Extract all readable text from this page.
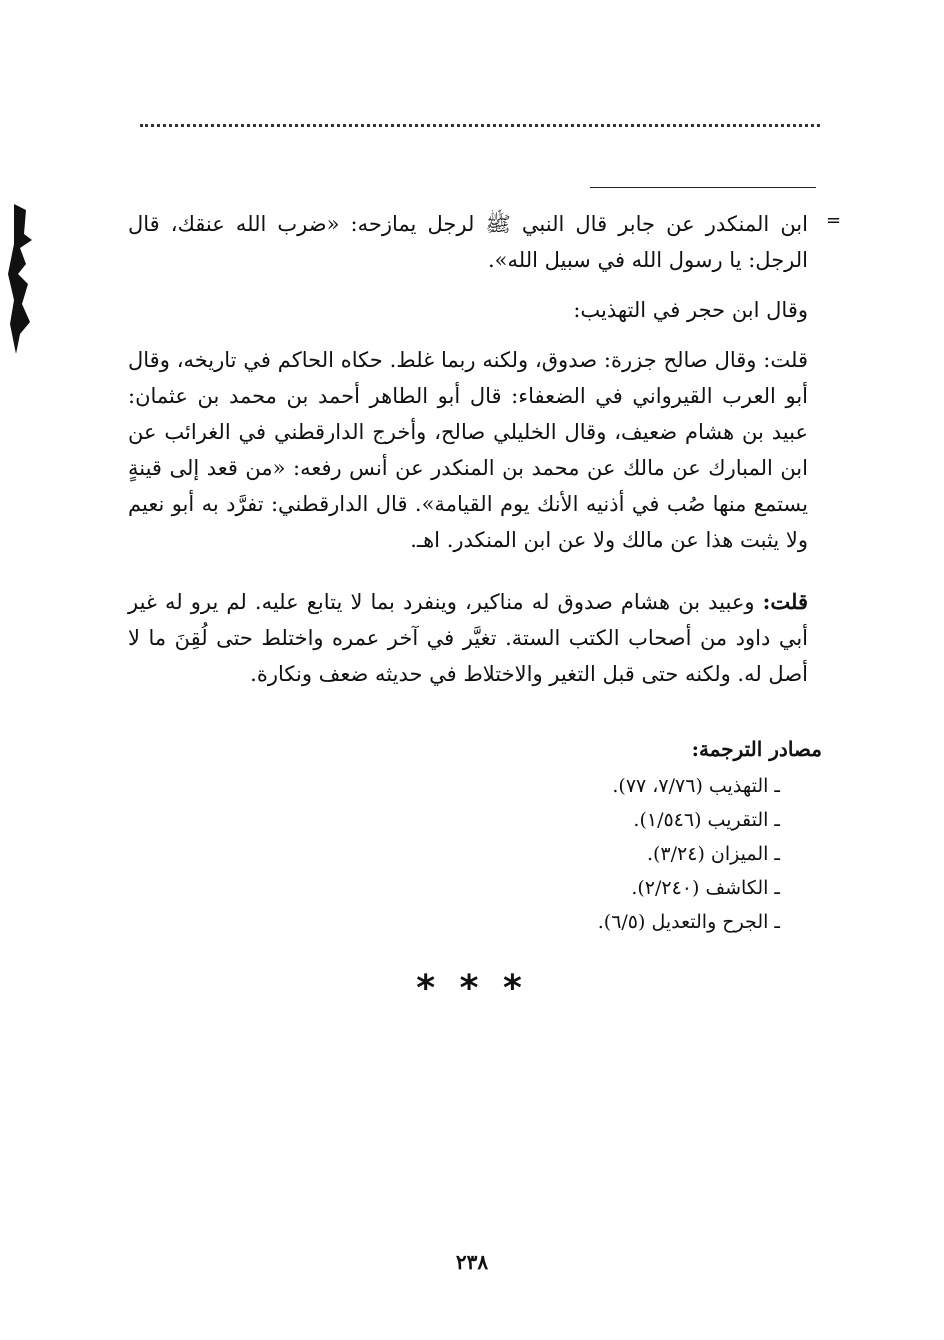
=

ابن المنكدر عن جابر قال النبي ﷺ لرجل يمازحه: «ضرب الله عنقك، قال الرجل: يا رسول الله في سبيل الله».

وقال ابن حجر في التهذيب:

قلت: وقال صالح جزرة: صدوق، ولكنه ربما غلط. حكاه الحاكم في تاريخه، وقال أبو العرب القيرواني في الضعفاء: قال أبو الطاهر أحمد بن محمد بن عثمان: عبيد بن هشام ضعيف، وقال الخليلي صالح، وأخرج الدارقطني في الغرائب عن ابن المبارك عن مالك عن محمد بن المنكدر عن أنس رفعه: «من قعد إلى قينةٍ يستمع منها صُب في أذنيه الأنك يوم القيامة». قال الدارقطني: تفرَّد به أبو نعيم ولا يثبت هذا عن مالك ولا عن ابن المنكدر. اهـ.

قلت: وعبيد بن هشام صدوق له مناكير، وينفرد بما لا يتابع عليه. لم يرو له غير أبي داود من أصحاب الكتب الستة. تغيَّر في آخر عمره واختلط حتى لُقِنَ ما لا أصل له. ولكنه حتى قبل التغير والاختلاط في حديثه ضعف ونكارة.

مصادر الترجمة:
ـ التهذيب (٧/٧٦، ٧٧).
ـ التقريب (١/٥٤٦).
ـ الميزان (٣/٢٤).
ـ الكاشف (٢/٢٤٠).
ـ الجرح والتعديل (٦/٥).
* * *
٢٣٨
